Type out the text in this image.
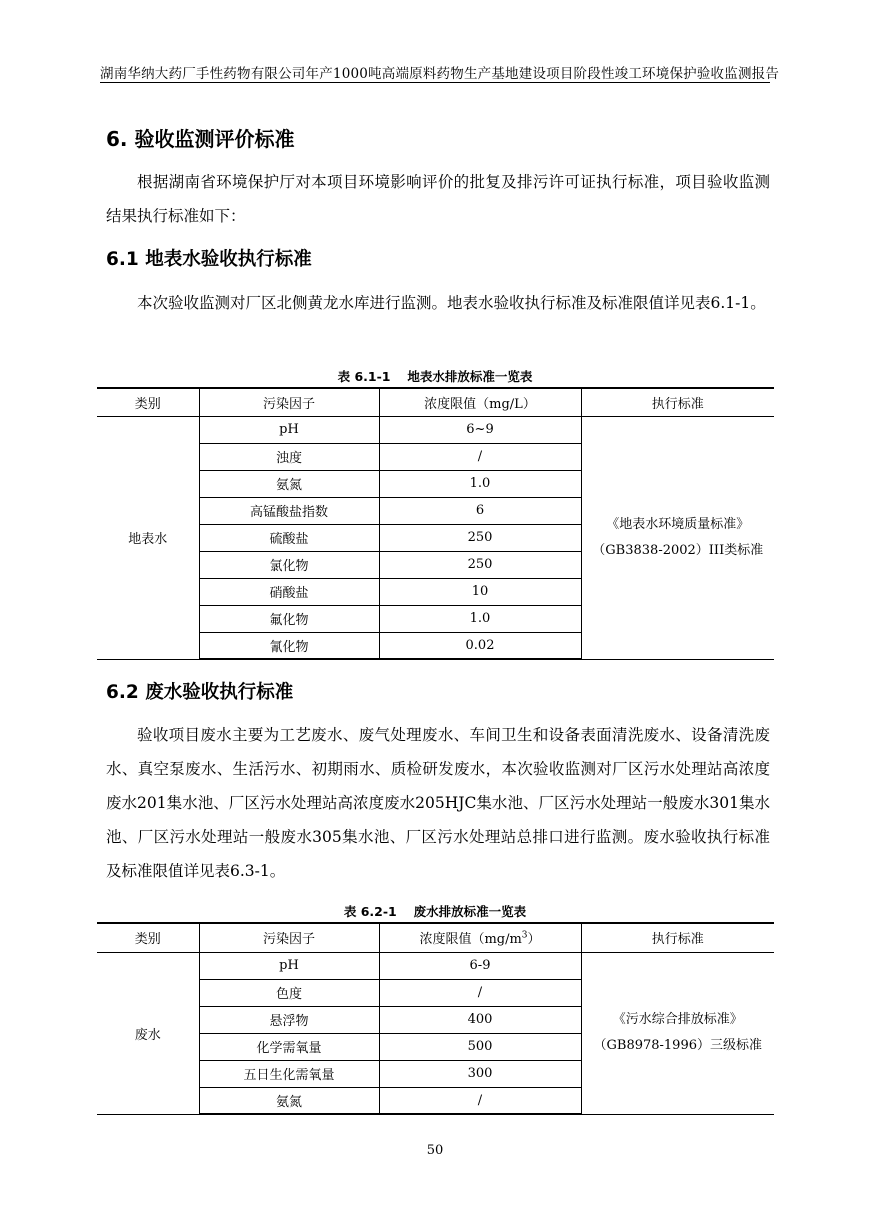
湖南华纳大药厂手性药物有限公司年产1000吨高端原料药物生产基地建设项目阶段性竣工环境保护验收监测报告
6. 验收监测评价标准

根据湖南省环境保护厅对本项目环境影响评价的批复及排污许可证执行标准，项目验收监测结果执行标准如下：

6.1 地表水验收执行标准

本次验收监测对厂区北侧黄龙水库进行监测。地表水验收执行标准及标准限值详见表6.1-1。

表 6.1-1　 地表水排放标准一览表
类别	污染因子	浓度限值（mg/L）	执行标准
地表水	pH	6~9	《地表水环境质量标准》
（GB3838-2002）III类标准

	浊度	/	
	氨氮	1.0	
	高锰酸盐指数	6	
	硫酸盐	250	
	氯化物	250	
	硝酸盐	10	
	氟化物	1.0	
	氰化物	0.02	
6.2 废水验收执行标准

验收项目废水主要为工艺废水、废气处理废水、车间卫生和设备表面清洗废水、设备清洗废水、真空泵废水、生活污水、初期雨水、质检研发废水，本次验收监测对厂区污水处理站高浓度废水201集水池、厂区污水处理站高浓度废水205HJC集水池、厂区污水处理站一般废水301集水池、厂区污水处理站一般废水305集水池、厂区污水处理站总排口进行监测。废水验收执行标准及标准限值详见表6.3-1。

表 6.2-1　 废水排放标准一览表
类别	污染因子	浓度限值$(mg/m^3)$	执行标准
废水	pH	6-9	《污水综合排放标准》
（GB8978-1996）三级标准

	色度	/	
	悬浮物	400	
	化学需氧量	500	
	五日生化需氧量	300	
	氨氮	/	
50
